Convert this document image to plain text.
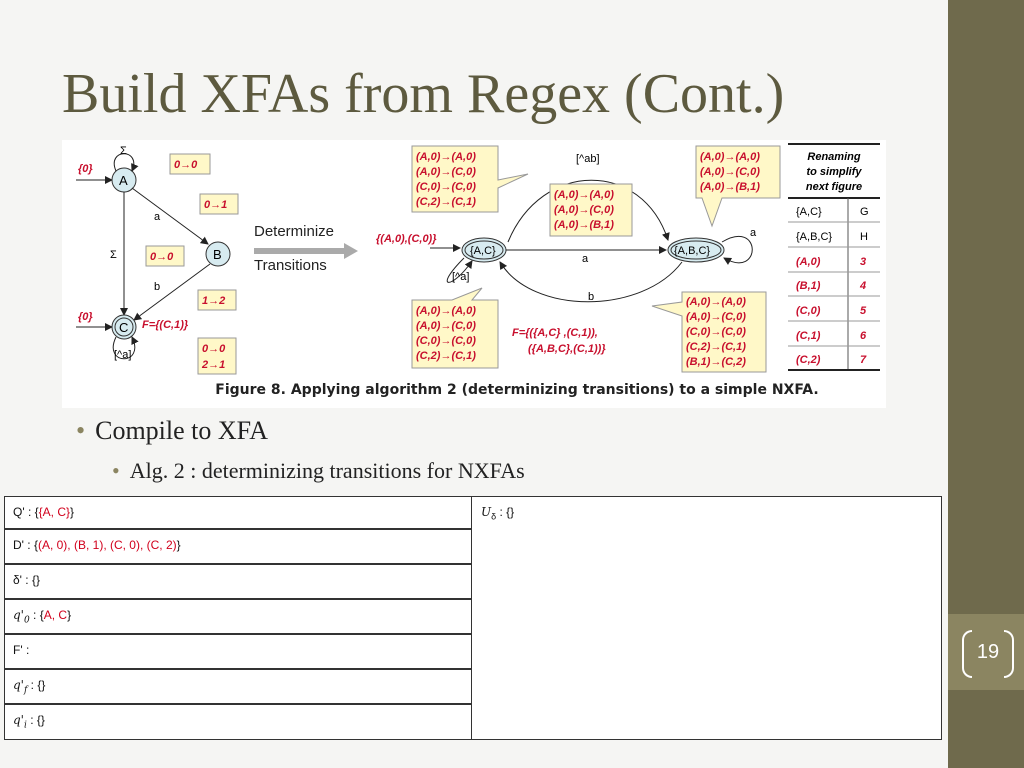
19
Build XFAs from Regex (Cont.)
{0}
A
Σ
0→0
a
0→1
B
Σ	0→0
b
1→2
{0}
C F={(C,1)}
[^a]	0→0
2→1
Determinize
Transitions
{(A,0),(C,0)}
{A,C}	{A,B,C}
[^ab]
a
b
[^a]
a
(A,0)→(A,0)
(A,0)→(C,0)
(C,0)→(C,0)
(C,2)→(C,1)
(A,0)→(A,0)
(A,0)→(C,0)
(A,0)→(B,1)
(A,0)→(A,0)
(A,0)→(C,0)
(A,0)→(B,1)
(A,0)→(A,0)
(A,0)→(C,0)
(C,0)→(C,0)
(C,2)→(C,1)
F={({A,C} ,(C,1)),
({A,B,C},(C,1))}
(A,0)→(A,0)
(A,0)→(C,0)
(C,0)→(C,0)
(C,2)→(C,1)
(B,1)→(C,2)
Renaming
to simplify
next figure
{A,C}	G
{A,B,C}	H
(A,0)	3
(B,1)	4
(C,0)	5
(C,1)	6
(C,2)	7
Figure 8. Applying algorithm 2 (determinizing transitions) to a simple NXFA.
• Compile to XFA
• Alg. 2 : determinizing transitions for NXFAs
Q' : {{A, C}}
D' : {(A, 0), (B, 1), (C, 0), (C, 2)}
δ' : {}
$q'_0$ : {A, C}
F' :
$q'_f$ : {}
$q'_i$ : {}
$U_\delta$ : {}
